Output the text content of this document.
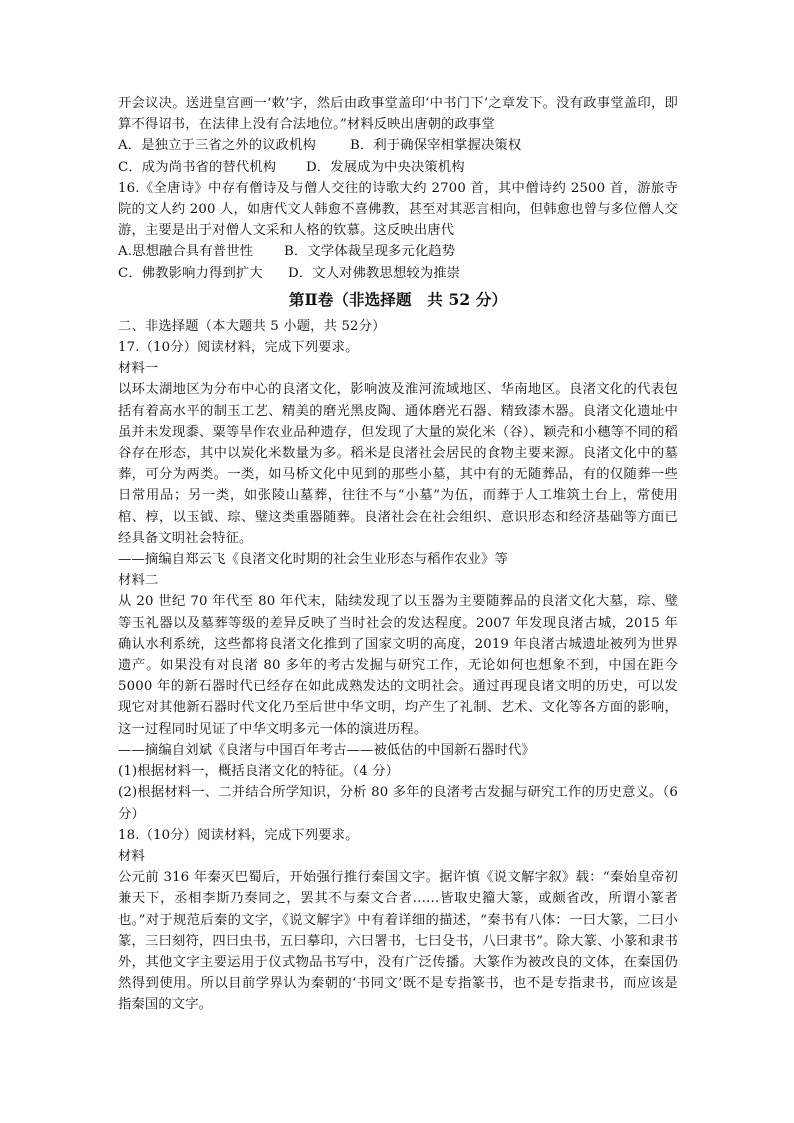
开会议决。送进皇宫画一‘敕’字，然后由政事堂盖印‘中书门下’之章发下。没有政事堂盖印，即算不得诏书，在法律上没有合法地位。”材料反映出唐朝的政事堂
A．是独立于三省之外的议政机构	B．利于确保宰相掌握决策权
C．成为尚书省的替代机构	D．发展成为中央决策机构
16.《全唐诗》中存有僧诗及与僧人交往的诗歌大约 2700 首，其中僧诗约 2500 首，游旅寺院的文人约 200 人，如唐代文人韩愈不喜佛教，甚至对其恶言相向，但韩愈也曾与多位僧人交游，主要是出于对僧人文采和人格的钦慕。这反映出唐代
A.思想融合具有普世性	B．文学体裁呈现多元化趋势
C．佛教影响力得到扩大	D．文人对佛教思想较为推崇
第Ⅱ卷（非选择题　共 52 分）
二、非选择题（本大题共 5 小题，共 52分）
17.（10分）阅读材料，完成下列要求。
材料一
以环太湖地区为分布中心的良渚文化，影响波及淮河流域地区、华南地区。良渚文化的代表包括有着高水平的制玉工艺、精美的磨光黑皮陶、通体磨光石器、精致漆木器。良渚文化遗址中虽并未发现黍、粟等旱作农业品种遗存，但发现了大量的炭化米（谷）、颖壳和小穗等不同的稻谷存在形态，其中以炭化米数量为多。稻米是良渚社会居民的食物主要来源。良渚文化中的墓葬，可分为两类。一类，如马桥文化中见到的那些小墓，其中有的无随葬品，有的仅随葬一些日常用品；另一类，如张陵山墓葬，往往不与“小墓”为伍，而葬于人工堆筑土台上，常使用棺、椁，以玉钺、琮、璧这类重器随葬。良渚社会在社会组织、意识形态和经济基础等方面已经具备文明社会特征。
——摘编自郑云飞《良渚文化时期的社会生业形态与稻作农业》等
材料二
从 20 世纪 70 年代至 80 年代末，陆续发现了以玉器为主要随葬品的良渚文化大墓，琮、璧等玉礼器以及墓葬等级的差异反映了当时社会的发达程度。2007 年发现良渚古城，2015 年确认水利系统，这些都将良渚文化推到了国家文明的高度，2019 年良渚古城遗址被列为世界遗产。如果没有对良渚 80 多年的考古发掘与研究工作，无论如何也想象不到，中国在距今 5000 年的新石器时代已经存在如此成熟发达的文明社会。通过再现良诸文明的历史，可以发现它对其他新石器时代文化乃至后世中华文明，均产生了礼制、艺术、文化等各方面的影响，这一过程同时见证了中华文明多元一体的演进历程。
——摘编自刘斌《良渚与中国百年考古——被低估的中国新石器时代》
(1)根据材料一，概括良渚文化的特征。（4 分）
(2)根据材料一、二并结合所学知识，分析 80 多年的良渚考古发掘与研究工作的历史意义。（6分）
18.（10分）阅读材料，完成下列要求。
材料
公元前 316 年秦灭巴蜀后，开始强行推行秦国文字。据许慎《说文解字叙》载：“秦始皇帝初兼天下，丞相李斯乃奏同之，罢其不与秦文合者……皆取史籀大篆，或颇省改，所谓小篆者也。”对于规范后秦的文字，《说文解字》中有着详细的描述，“秦书有八体：一曰大篆，二曰小篆，三曰刻符，四曰虫书，五曰摹印，六曰署书，七曰殳书，八曰隶书”。除大篆、小篆和隶书外，其他文字主要运用于仪式物品书写中，没有广泛传播。大篆作为被改良的文体，在秦国仍然得到使用。所以目前学界认为秦朝的‘书同文’既不是专指篆书，也不是专指隶书，而应该是指秦国的文字。
